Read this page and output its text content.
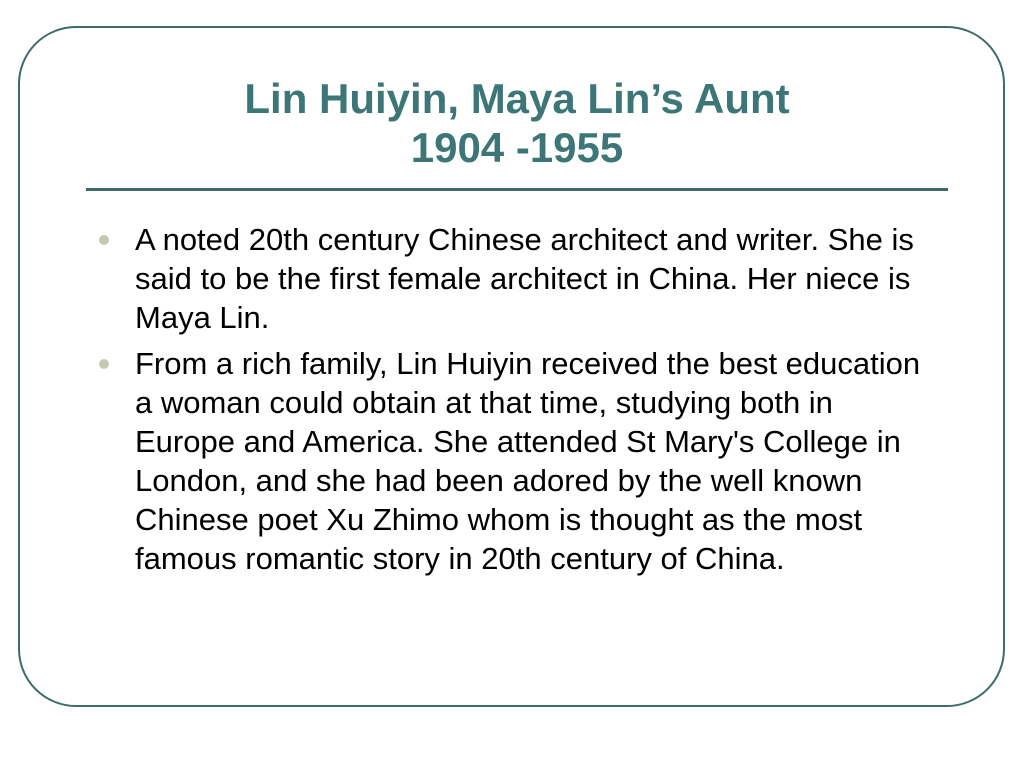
Lin Huiyin, Maya Lin’s Aunt
1904 -1955
A noted 20th century Chinese architect and writer. She is said to be the first female architect in China. Her niece is Maya Lin.
From a rich family, Lin Huiyin received the best education a woman could obtain at that time, studying both in Europe and America. She attended St Mary's College in London, and she had been adored by the well known Chinese poet Xu Zhimo whom is thought as the most famous romantic story in 20th century of China.
